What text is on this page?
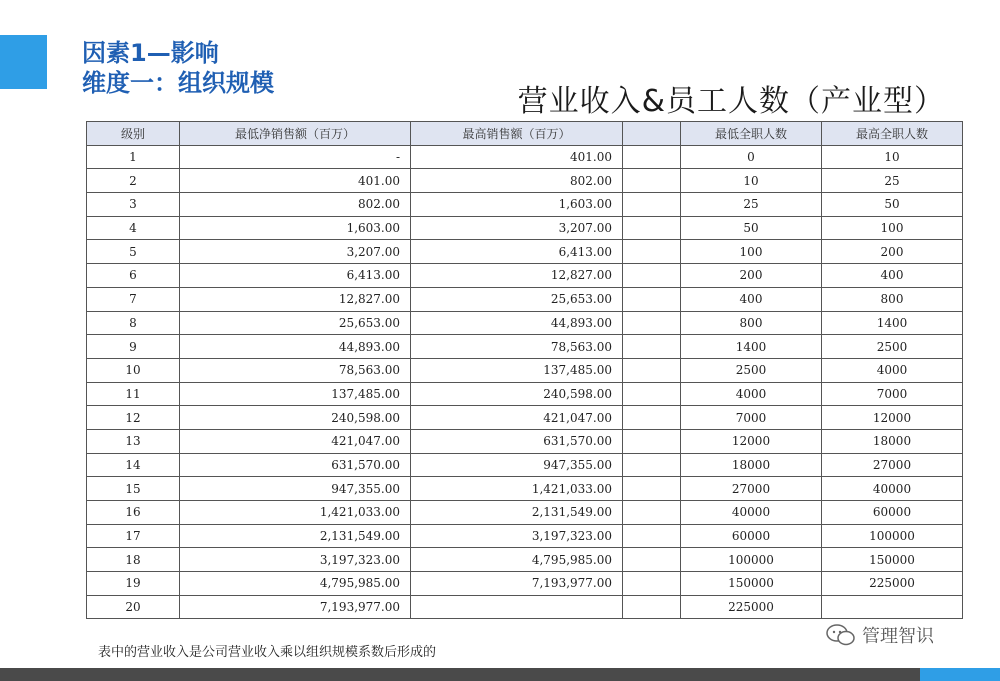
因素1—影响
维度一：组织规模
营业收入&员工人数（产业型）
级别	最低净销售额（百万）	最高销售额（百万）		最低全职人数	最高全职人数
1	-	401.00		0	10
2	401.00	802.00		10	25
3	802.00	1,603.00		25	50
4	1,603.00	3,207.00		50	100
5	3,207.00	6,413.00		100	200
6	6,413.00	12,827.00		200	400
7	12,827.00	25,653.00		400	800
8	25,653.00	44,893.00		800	1400
9	44,893.00	78,563.00		1400	2500
10	78,563.00	137,485.00		2500	4000
11	137,485.00	240,598.00		4000	7000
12	240,598.00	421,047.00		7000	12000
13	421,047.00	631,570.00		12000	18000
14	631,570.00	947,355.00		18000	27000
15	947,355.00	1,421,033.00		27000	40000
16	1,421,033.00	2,131,549.00		40000	60000
17	2,131,549.00	3,197,323.00		60000	100000
18	3,197,323.00	4,795,985.00		100000	150000
19	4,795,985.00	7,193,977.00		150000	225000
20	7,193,977.00			225000	
表中的营业收入是公司营业收入乘以组织规模系数后形成的
管理智识
